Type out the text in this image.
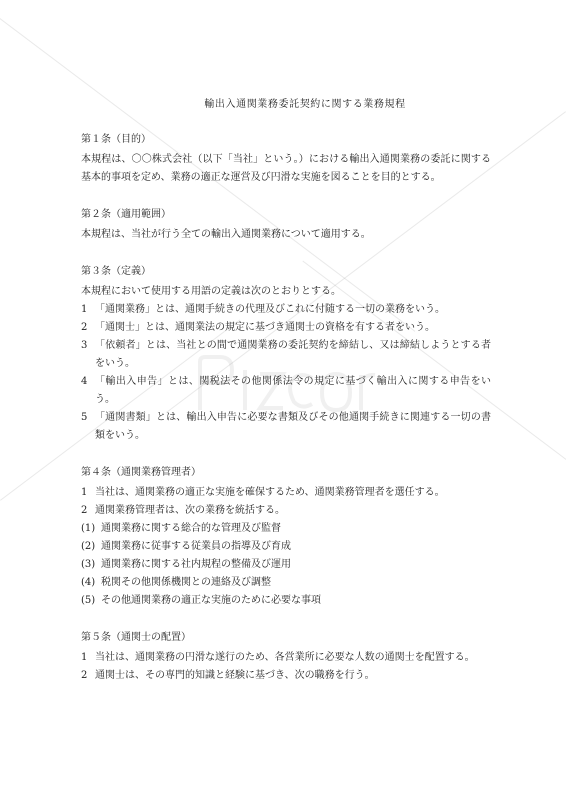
輸出入通関業務委託契約に関する業務規程
第１条（目的）

本規程は、〇〇株式会社（以下「当社」という。）における輸出入通関業務の委託に関する基本的事項を定め、業務の適正な運営及び円滑な実施を図ることを目的とする。

第２条（適用範囲）

本規程は、当社が行う全ての輸出入通関業務について適用する。

第３条（定義）

本規程において使用する用語の定義は次のとおりとする。

1 「通関業務」とは、通関手続きの代理及びこれに付随する一切の業務をいう。
2 「通関士」とは、通関業法の規定に基づき通関士の資格を有する者をいう。
3 「依頼者」とは、当社との間で通関業務の委託契約を締結し、又は締結しようとする者をいう。
4 「輸出入申告」とは、関税法その他関係法令の規定に基づく輸出入に関する申告をいう。
5 「通関書類」とは、輸出入申告に必要な書類及びその他通関手続きに関連する一切の書類をいう。
第４条（通関業務管理者）
1 当社は、通関業務の適正な実施を確保するため、通関業務管理者を選任する。
2 通関業務管理者は、次の業務を統括する。
(1) 通関業務に関する総合的な管理及び監督
(2) 通関業務に従事する従業員の指導及び育成
(3) 通関業務に関する社内規程の整備及び運用
(4) 税関その他関係機関との連絡及び調整
(5) その他通関業務の適正な実施のために必要な事項
第５条（通関士の配置）
1 当社は、通関業務の円滑な遂行のため、各営業所に必要な人数の通関士を配置する。
2 通関士は、その専門的知識と経験に基づき、次の職務を行う。
